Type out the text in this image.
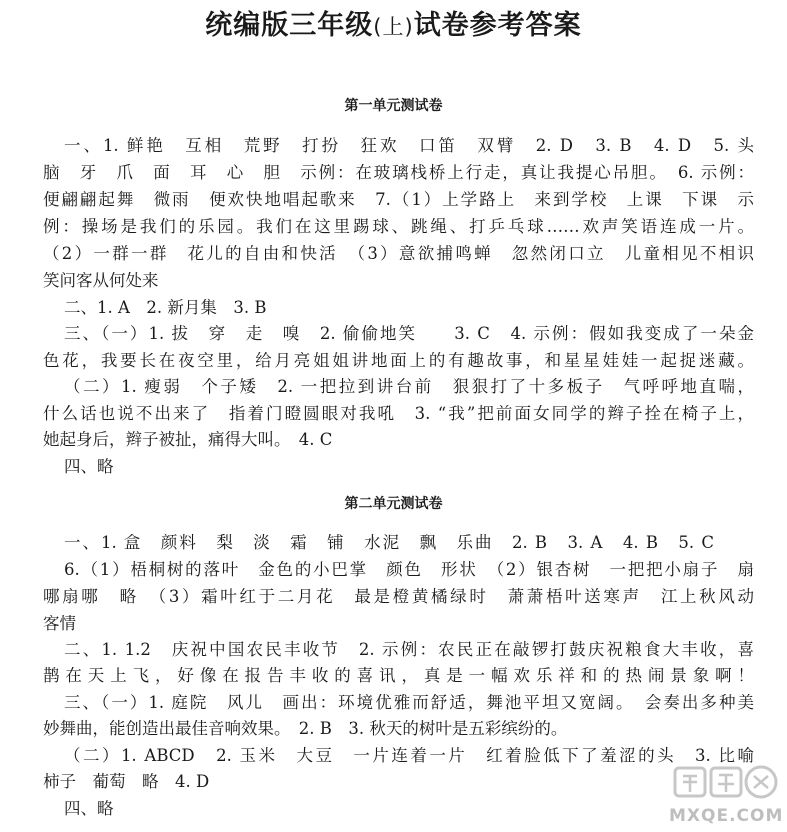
统编版三年级(上)试卷参考答案
第一单元测试卷
一、1. 鲜艳　互相　荒野　打扮　狂欢　口笛　双臂　2. D　3. B　4. D　5. 头
脑　牙　爪　面　耳　心　胆　示例：在玻璃栈桥上行走，真让我提心吊胆。　6. 示例：
便翩翩起舞　微雨　便欢快地唱起歌来　7.（1）上学路上　来到学校　上课　下课　示
例：操场是我们的乐园。我们在这里踢球、跳绳、打乒乓球……欢声笑语连成一片。
（2）一群一群　花儿的自由和快活　（3）意欲捕鸣蝉　忽然闭口立　儿童相见不相识
笑问客从何处来
二、1. A　2. 新月集　3. B
三、（一）1. 拔　穿　走　嗅　2. 偷偷地笑　　3. C　4. 示例：假如我变成了一朵金
色花，我要长在夜空里，给月亮姐姐讲地面上的有趣故事，和星星娃娃一起捉迷藏。
（二）1. 瘦弱　个子矮　2. 一把拉到讲台前　狠狠打了十多板子　气呼呼地直喘，
什么话也说不出来了　指着门瞪圆眼对我吼　3. “我”把前面女同学的辫子拴在椅子上，
她起身后，辫子被扯，痛得大叫。　4. C
四、略
第二单元测试卷
一、1. 盒　颜料　梨　淡　霜　铺　水泥　飘　乐曲　2. B　3. A　4. B　5. C
6.（1）梧桐树的落叶　金色的小巴掌　颜色　形状　（2）银杏树　一把把小扇子　扇
哪扇哪　略　（3）霜叶红于二月花　最是橙黄橘绿时　萧萧梧叶送寒声　江上秋风动
客情
二、1. 1.2　庆祝中国农民丰收节　2. 示例：农民正在敲锣打鼓庆祝粮食大丰收，喜
鹊在天上飞，好像在报告丰收的喜讯，真是一幅欢乐祥和的热闹景象啊！
三、（一）1. 庭院　风儿　画出：环境优雅而舒适，舞池平坦又宽阔。　会奏出多种美
妙舞曲，能创造出最佳音响效果。　2. B　3. 秋天的树叶是五彩缤纷的。
（二）1. ABCD　2. 玉米　大豆　一片连着一片　红着脸低下了羞涩的头　3. 比喻
柿子　葡萄　略　4. D
四、略	MXQE.COM
